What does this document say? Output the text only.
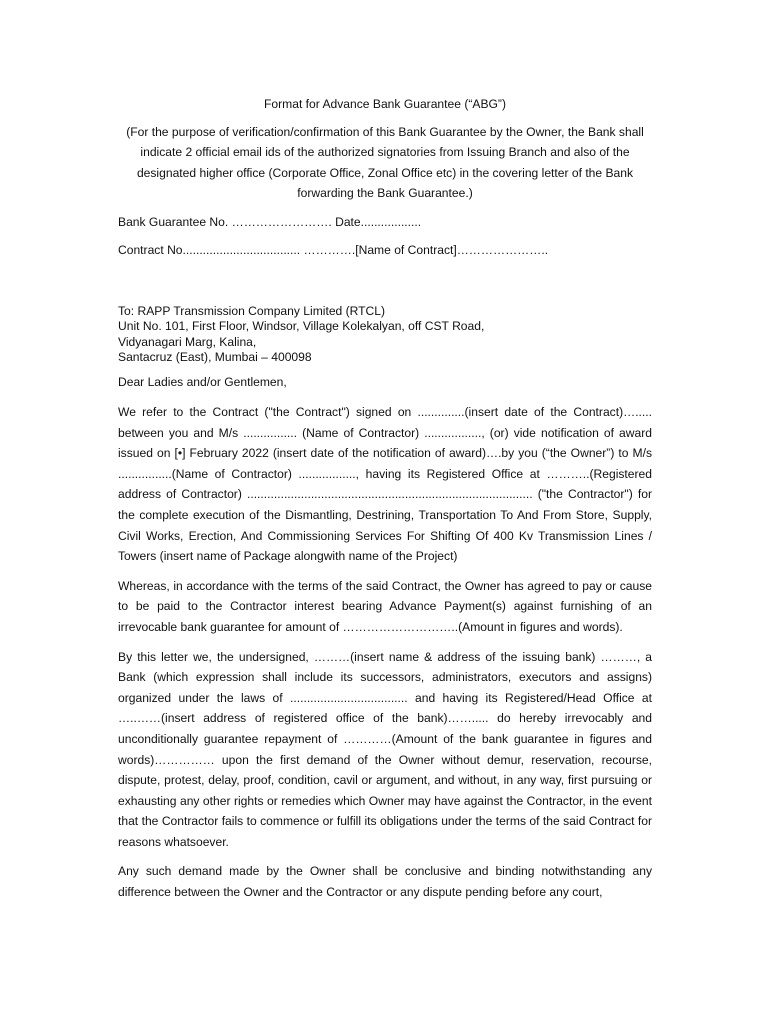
Format for Advance Bank Guarantee (“ABG”)

(For the purpose of verification/confirmation of this Bank Guarantee by the Owner, the Bank shall indicate 2 official email ids of the authorized signatories from Issuing Branch and also of the designated higher office (Corporate Office, Zonal Office etc) in the covering letter of the Bank forwarding the Bank Guarantee.)

Bank Guarantee No. ……………………. Date..................

Contract No................................... ………….[Name of Contract]…………………..

To: RAPP Transmission Company Limited (RTCL)
Unit No. 101, First Floor, Windsor, Village Kolekalyan, off CST Road,
Vidyanagari Marg, Kalina,
Santacruz (East), Mumbai – 400098

Dear Ladies and/or Gentlemen,

We refer to the Contract ("the Contract") signed on ..............(insert date of the Contract)…..... between you and M/s ................ (Name of Contractor) ................., (or) vide notification of award issued on [•] February 2022 (insert date of the notification of award)….by you (“the Owner”) to M/s ................(Name of Contractor) ................., having its Registered Office at ………..(Registered address of Contractor) ..................................................................................... ("the Contractor") for the complete execution of the Dismantling, Destrining, Transportation To And From Store, Supply, Civil Works, Erection, And Commissioning Services For Shifting Of 400 Kv Transmission Lines / Towers (insert name of Package alongwith name of the Project)

Whereas, in accordance with the terms of the said Contract, the Owner has agreed to pay or cause to be paid to the Contractor interest bearing Advance Payment(s) against furnishing of an irrevocable bank guarantee for amount of ………………………..(Amount in figures and words).

By this letter we, the undersigned, ………(insert name & address of the issuing bank) ………, a Bank (which expression shall include its successors, administrators, executors and assigns) organized under the laws of ................................... and having its Registered/Head Office at …..……(insert address of registered office of the bank)……..... do hereby irrevocably and unconditionally guarantee repayment of …………(Amount of the bank guarantee in figures and words)…………… upon the first demand of the Owner without demur, reservation, recourse, dispute, protest, delay, proof, condition, cavil or argument, and without, in any way, first pursuing or exhausting any other rights or remedies which Owner may have against the Contractor, in the event that the Contractor fails to commence or fulfill its obligations under the terms of the said Contract for reasons whatsoever.

Any such demand made by the Owner shall be conclusive and binding notwithstanding any difference between the Owner and the Contractor or any dispute pending before any court,
